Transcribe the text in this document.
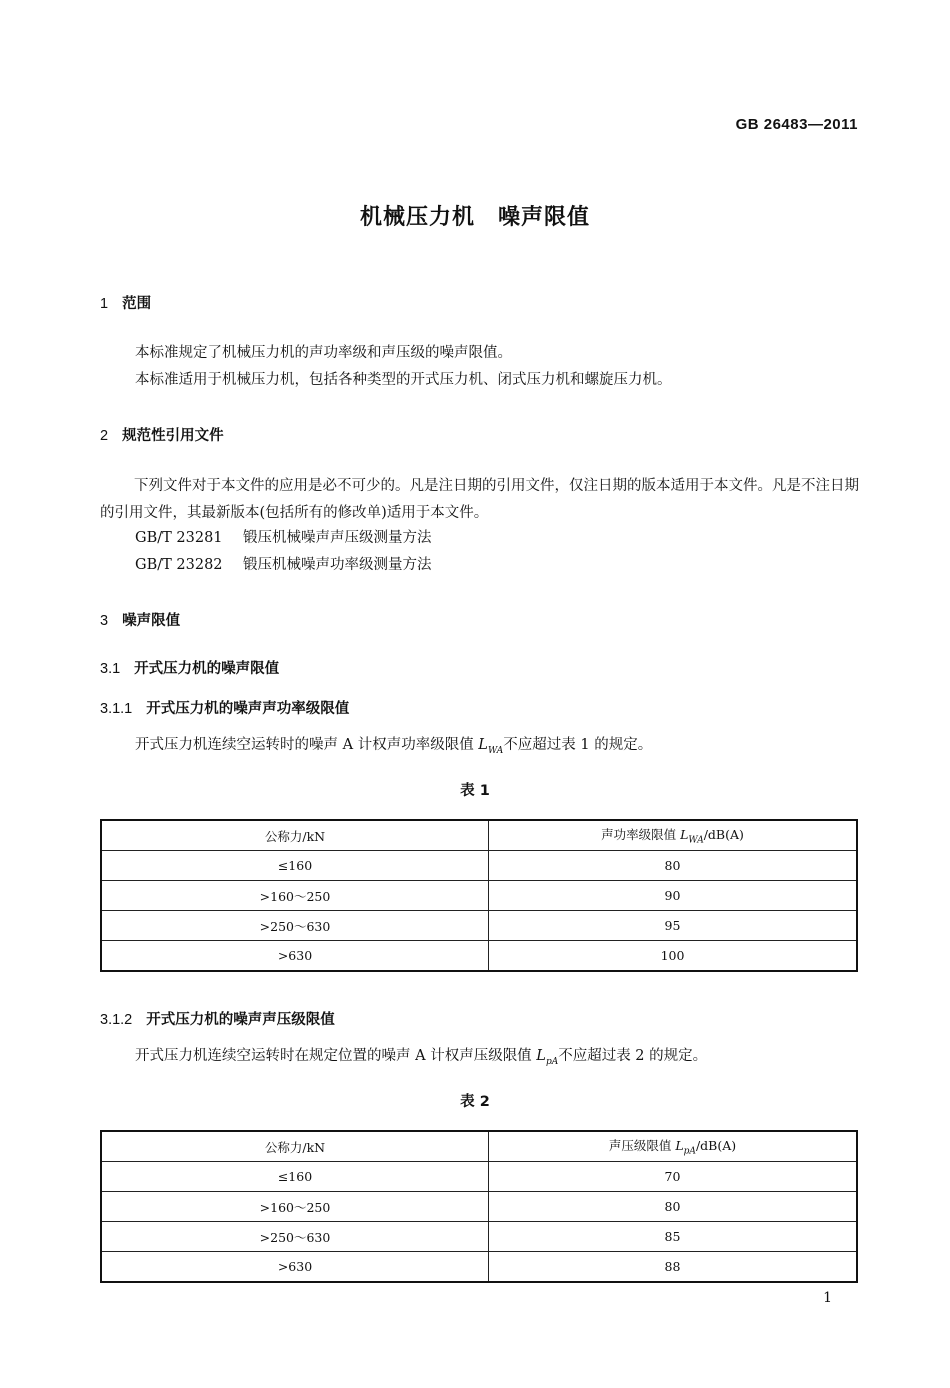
GB 26483—2011
机械压力机　噪声限值
1 范围
本标准规定了机械压力机的声功率级和声压级的噪声限值。
本标准适用于机械压力机，包括各种类型的开式压力机、闭式压力机和螺旋压力机。
2 规范性引用文件
下列文件对于本文件的应用是必不可少的。凡是注日期的引用文件，仅注日期的版本适用于本文件。凡是不注日期的引用文件，其最新版本(包括所有的修改单)适用于本文件。
GB/T 23281 锻压机械噪声声压级测量方法
GB/T 23282 锻压机械噪声功率级测量方法
3 噪声限值
3.1 开式压力机的噪声限值
3.1.1 开式压力机的噪声声功率级限值
开式压力机连续空运转时的噪声 A 计权声功率级限值 $L_{WA}$不应超过表 1 的规定。
表 1
公称力/kN	声功率级限值 $L_{WA}/dB(A)$
≤160	80
>160～250	90
>250～630	95
>630	100
3.1.2 开式压力机的噪声声压级限值
开式压力机连续空运转时在规定位置的噪声 A 计权声压级限值 $L_{pA}$不应超过表 2 的规定。
表 2
公称力/kN	声压级限值 $L_{pA}/dB(A)$
≤160	70
>160～250	80
>250～630	85
>630	88
1
